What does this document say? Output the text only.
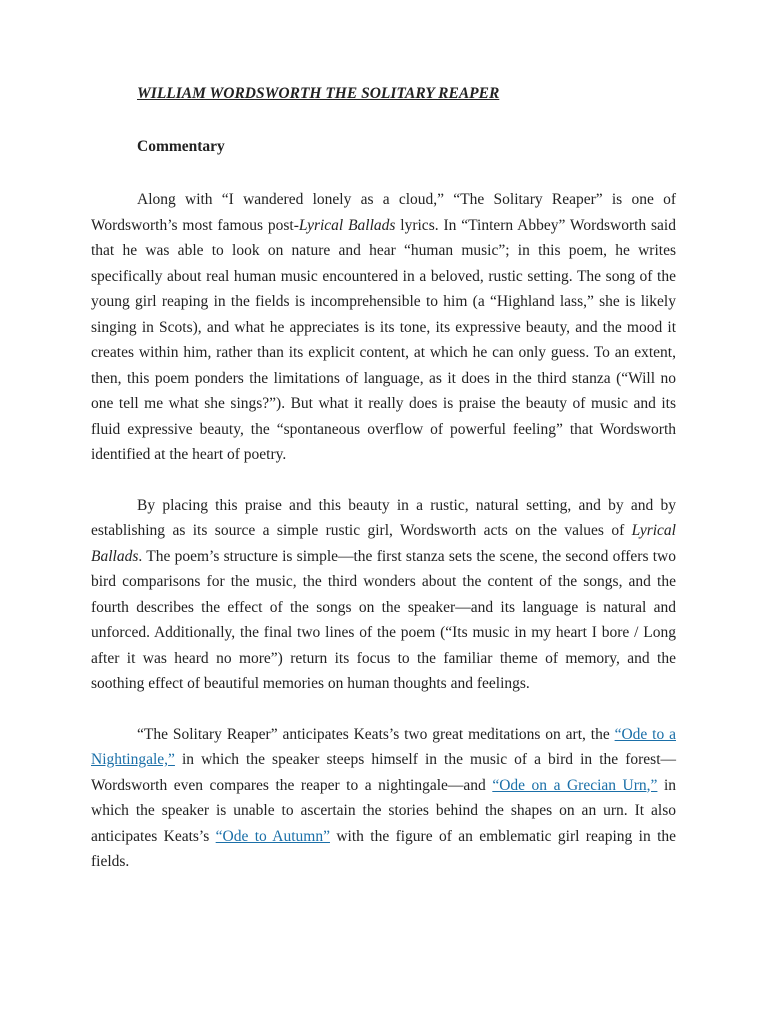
WILLIAM WORDSWORTH THE SOLITARY REAPER
Commentary

Along with “I wandered lonely as a cloud,” “The Solitary Reaper” is one of Wordsworth’s most famous post-Lyrical Ballads lyrics. In “Tintern Abbey” Wordsworth said that he was able to look on nature and hear “human music”; in this poem, he writes specifically about real human music encountered in a beloved, rustic setting. The song of the young girl reaping in the fields is incomprehensible to him (a “Highland lass,” she is likely singing in Scots), and what he appreciates is its tone, its expressive beauty, and the mood it creates within him, rather than its explicit content, at which he can only guess. To an extent, then, this poem ponders the limitations of language, as it does in the third stanza (“Will no one tell me what she sings?”). But what it really does is praise the beauty of music and its fluid expressive beauty, the “spontaneous overflow of powerful feeling” that Wordsworth identified at the heart of poetry.

By placing this praise and this beauty in a rustic, natural setting, and by and by establishing as its source a simple rustic girl, Wordsworth acts on the values of Lyrical Ballads. The poem’s structure is simple—the first stanza sets the scene, the second offers two bird comparisons for the music, the third wonders about the content of the songs, and the fourth describes the effect of the songs on the speaker—and its language is natural and unforced. Additionally, the final two lines of the poem (“Its music in my heart I bore / Long after it was heard no more”) return its focus to the familiar theme of memory, and the soothing effect of beautiful memories on human thoughts and feelings.

“The Solitary Reaper” anticipates Keats’s two great meditations on art, the “Ode to a Nightingale,” in which the speaker steeps himself in the music of a bird in the forest—Wordsworth even compares the reaper to a nightingale—and “Ode on a Grecian Urn,” in which the speaker is unable to ascertain the stories behind the shapes on an urn. It also anticipates Keats’s “Ode to Autumn” with the figure of an emblematic girl reaping in the fields.
